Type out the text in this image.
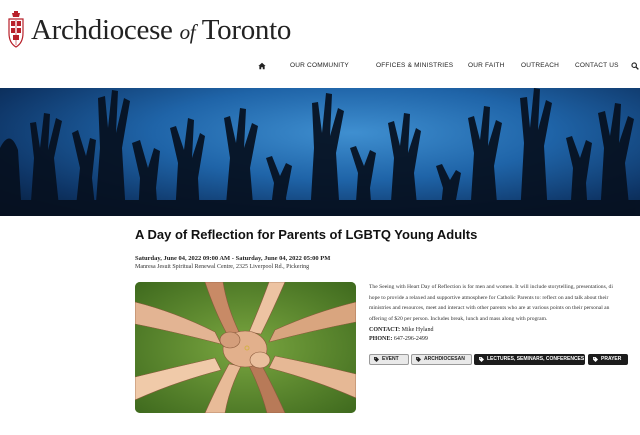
Archdiocese of Toronto
OUR COMMUNITY	OFFICES & MINISTRIES OUR FAITH	OUTREACH CONTACT US
A Day of Reflection for Parents of LGBTQ Young Adults
Saturday, June 04, 2022 09:00 AM - Saturday, June 04, 2022 05:00 PM
Manresa Jesuit Spiritual Renewal Centre, 2325 Liverpool Rd., Pickering
The Seeing with Heart Day of Reflection is for men and women. It will include storytelling, presentations, di
hope to provide a relaxed and supportive atmosphere for Catholic Parents to: reflect on and talk about their
ministries and resources, meet and interact with other parents who are at various points on their personal an
offering of $20 per person. Includes break, lunch and mass along with program.
CONTACT: Mike Hyland
PHONE: 647-296-2499
EVENT	ARCHDIOCESAN	LECTURES, SEMINARS, CONFERENCES	PRAYER
